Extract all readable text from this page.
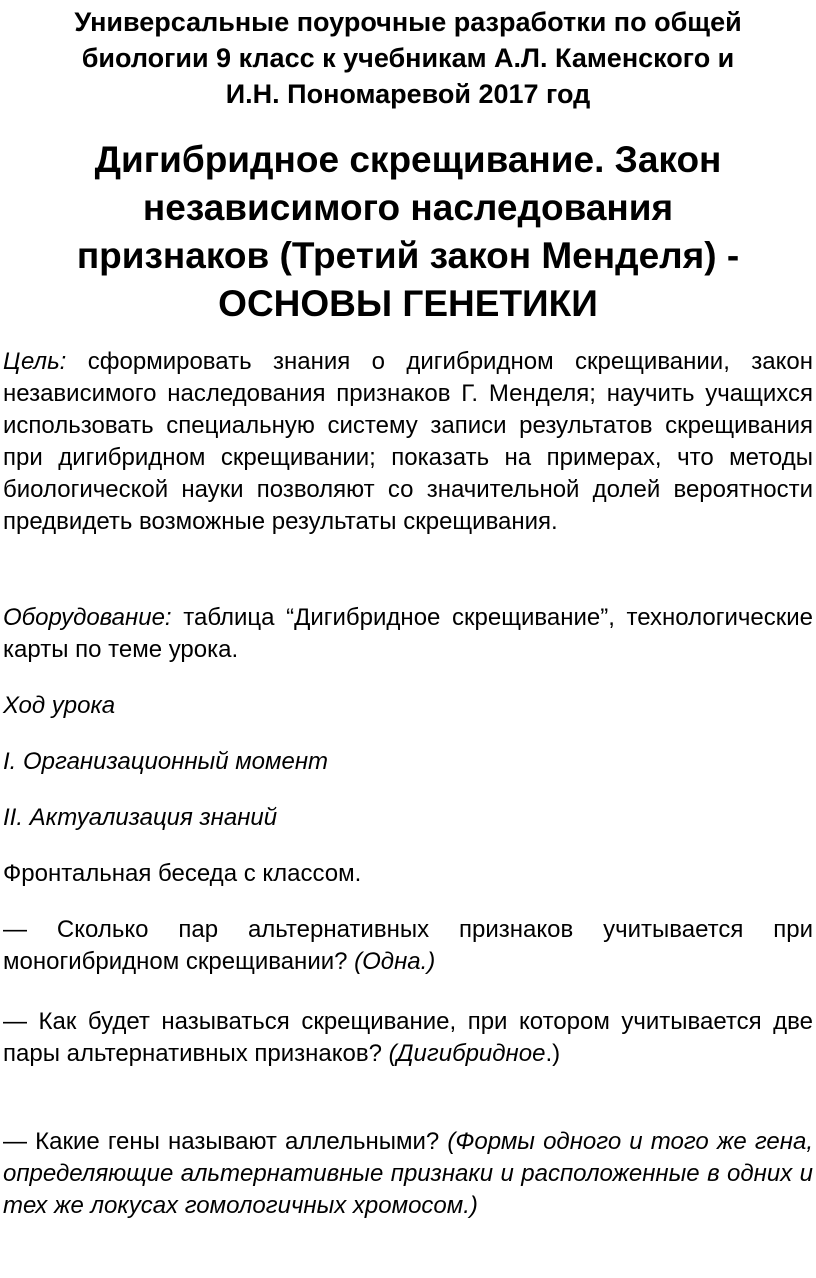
Универсальные поурочные разработки по общей
биологии 9 класс к учебникам А.Л. Каменского и
И.Н. Пономаревой 2017 год
Дигибридное скрещивание. Закон
независимого наследования
признаков (Третий закон Менделя) -
ОСНОВЫ ГЕНЕТИКИ

Цель: сформировать знания о дигибридном скрещивании, закон независимого наследования признаков Г. Менделя; научить учащихся использовать специальную систему записи результатов скрещивания при дигибридном скрещивании; показать на примерах, что методы биологической науки позволяют со значительной долей вероятности предвидеть возможные результаты скрещивания.

Оборудование: таблица “Дигибридное скрещивание”, технологические карты по теме урока.

Ход урока

I. Организационный момент

II. Актуализация знаний

Фронтальная беседа с классом.

— Сколько пар альтернативных признаков учитывается при моногибридном скрещивании? (Одна.)

— Как будет называться скрещивание, при котором учитывается две пары альтернативных признаков? (Дигибридное.)

— Какие гены называют аллельными? (Формы одного и того же гена, определяющие альтернативные признаки и расположенные в одних и тех же локусах гомологичных хромосом.)
